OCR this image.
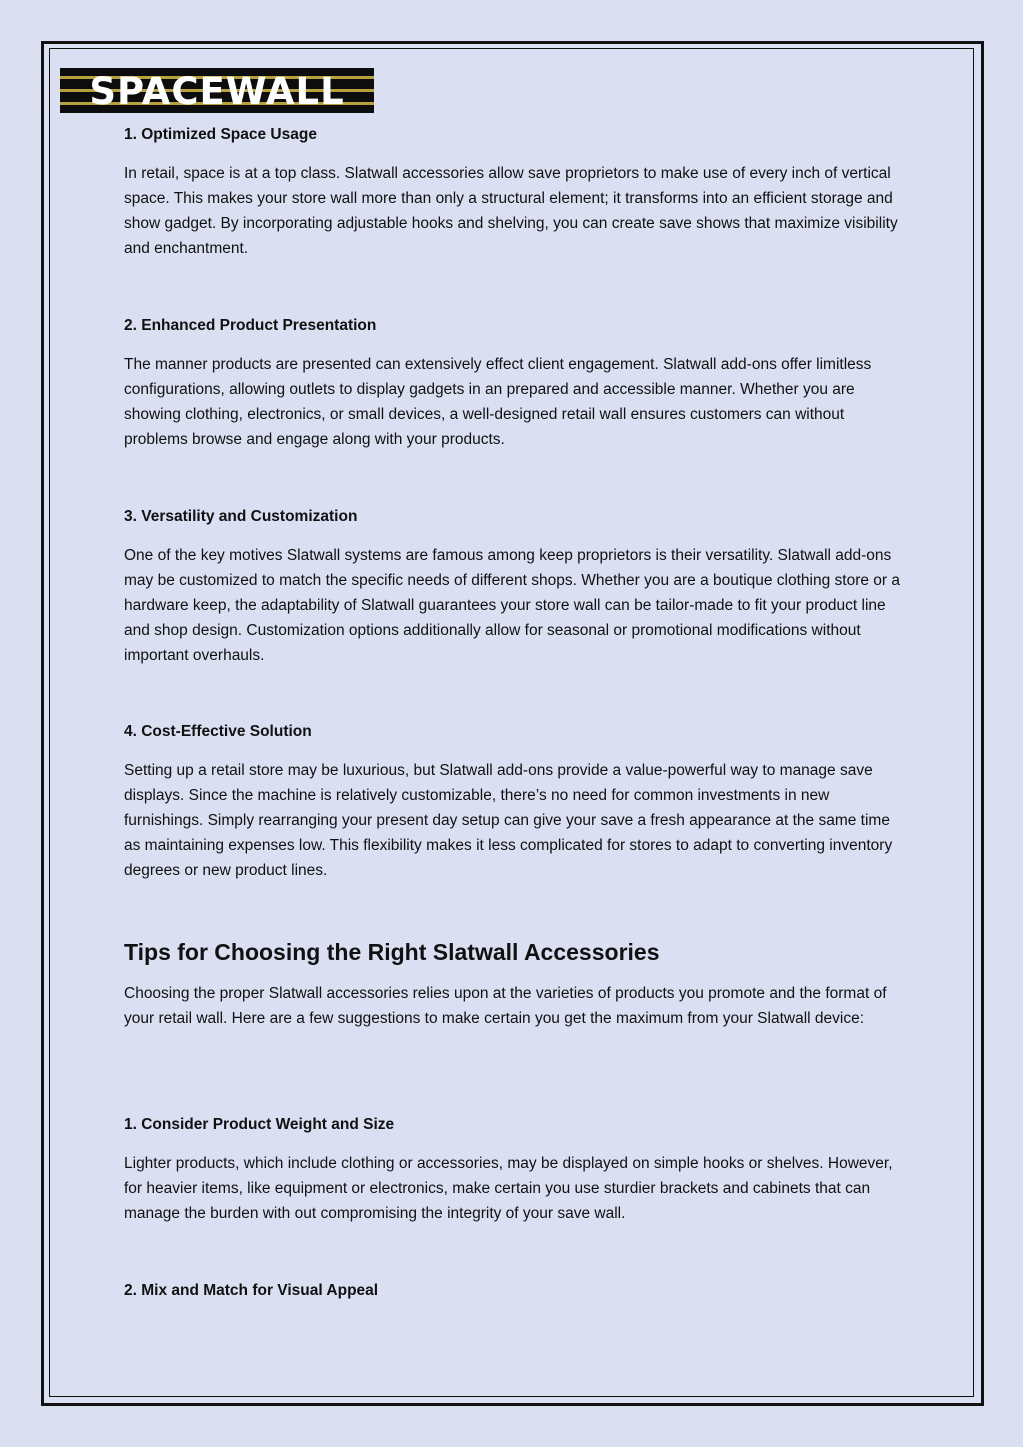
SPACEWALL
1. Optimized Space Usage

In retail, space is at a top class. Slatwall accessories allow save proprietors to make use of every inch of vertical space. This makes your store wall more than only a structural element; it transforms into an efficient storage and show gadget. By incorporating adjustable hooks and shelving, you can create save shows that maximize visibility and enchantment.

2. Enhanced Product Presentation

The manner products are presented can extensively effect client engagement. Slatwall add-ons offer limitless configurations, allowing outlets to display gadgets in an prepared and accessible manner. Whether you are showing clothing, electronics, or small devices, a well-designed retail wall ensures customers can without problems browse and engage along with your products.

3. Versatility and Customization

One of the key motives Slatwall systems are famous among keep proprietors is their versatility. Slatwall add-ons may be customized to match the specific needs of different shops. Whether you are a boutique clothing store or a hardware keep, the adaptability of Slatwall guarantees your store wall can be tailor-made to fit your product line and shop design. Customization options additionally allow for seasonal or promotional modifications without important overhauls.

4. Cost-Effective Solution

Setting up a retail store may be luxurious, but Slatwall add-ons provide a value-powerful way to manage save displays. Since the machine is relatively customizable, there’s no need for common investments in new furnishings. Simply rearranging your present day setup can give your save a fresh appearance at the same time as maintaining expenses low. This flexibility makes it less complicated for stores to adapt to converting inventory degrees or new product lines.

Tips for Choosing the Right Slatwall Accessories

Choosing the proper Slatwall accessories relies upon at the varieties of products you promote and the format of your retail wall. Here are a few suggestions to make certain you get the maximum from your Slatwall device:

1. Consider Product Weight and Size

Lighter products, which include clothing or accessories, may be displayed on simple hooks or shelves. However, for heavier items, like equipment or electronics, make certain you use sturdier brackets and cabinets that can manage the burden with out compromising the integrity of your save wall.

2. Mix and Match for Visual Appeal
